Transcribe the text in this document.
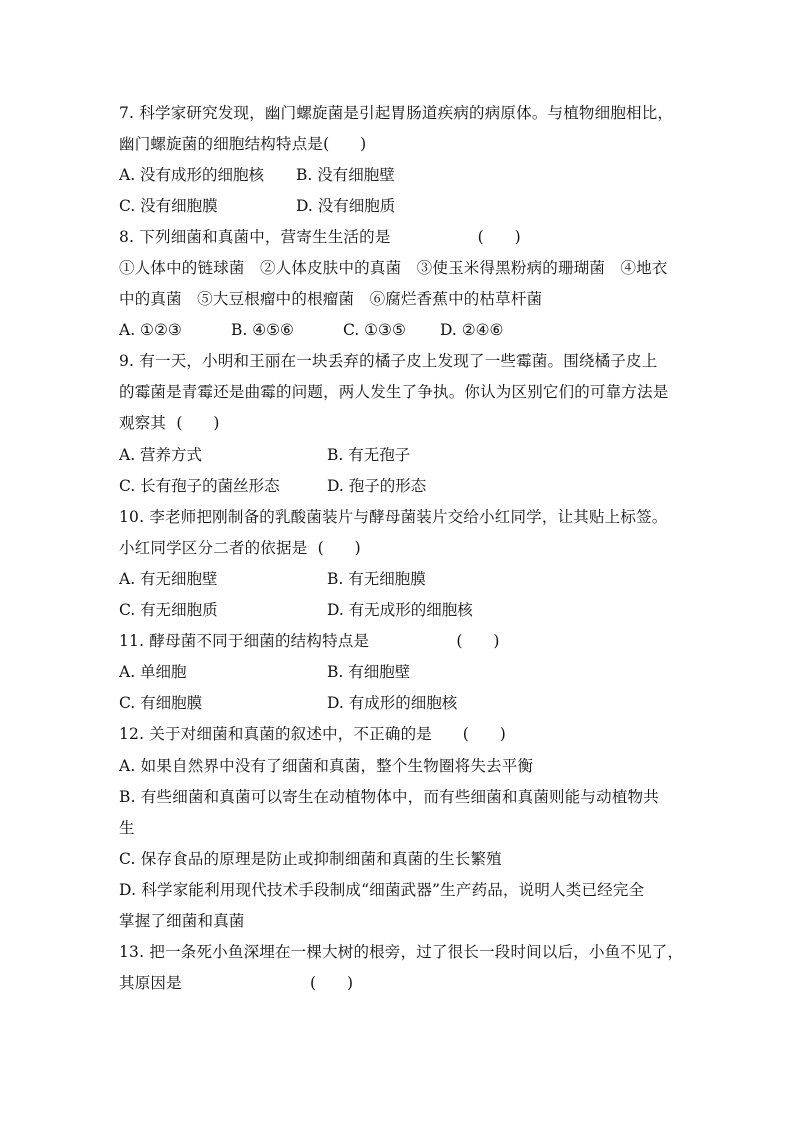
7. 科学家研究发现，幽门螺旋菌是引起胃肠道疾病的病原体。与植物细胞相比，
幽门螺旋菌的细胞结构特点是(      )
A. 没有成形的细胞核 B. 没有细胞壁
C. 没有细胞膜	D. 没有细胞质
8. 下列细菌和真菌中，营寄生生活的是                 (      )
①人体中的链球菌   ②人体皮肤中的真菌   ③使玉米得黑粉病的珊瑚菌   ④地衣
中的真菌   ⑤大豆根瘤中的根瘤菌   ⑥腐烂香蕉中的枯草杆菌
A. ①②③	B. ④⑤⑥	C. ①③⑤ D. ②④⑥
9. 有一天，小明和王丽在一块丢弃的橘子皮上发现了一些霉菌。围绕橘子皮上
的霉菌是青霉还是曲霉的问题，两人发生了争执。你认为区别它们的可靠方法是
观察其  (      )
A. 营养方式	B. 有无孢子
C. 长有孢子的菌丝形态	D. 孢子的形态
10. 李老师把刚制备的乳酸菌装片与酵母菌装片交给小红同学，让其贴上标签。
小红同学区分二者的依据是  (      )
A. 有无细胞壁	B. 有无细胞膜
C. 有无细胞质	D. 有无成形的细胞核
11. 酵母菌不同于细菌的结构特点是                 (      )
A. 单细胞	B. 有细胞壁
C. 有细胞膜	D. 有成形的细胞核
12. 关于对细菌和真菌的叙述中，不正确的是      (      )
A. 如果自然界中没有了细菌和真菌，整个生物圈将失去平衡
B. 有些细菌和真菌可以寄生在动植物体中，而有些细菌和真菌则能与动植物共
生
C. 保存食品的原理是防止或抑制细菌和真菌的生长繁殖
D. 科学家能利用现代技术手段制成“细菌武器”生产药品，说明人类已经完全
掌握了细菌和真菌
13. 把一条死小鱼深埋在一棵大树的根旁，过了很长一段时间以后，小鱼不见了，
其原因是                         (      )
